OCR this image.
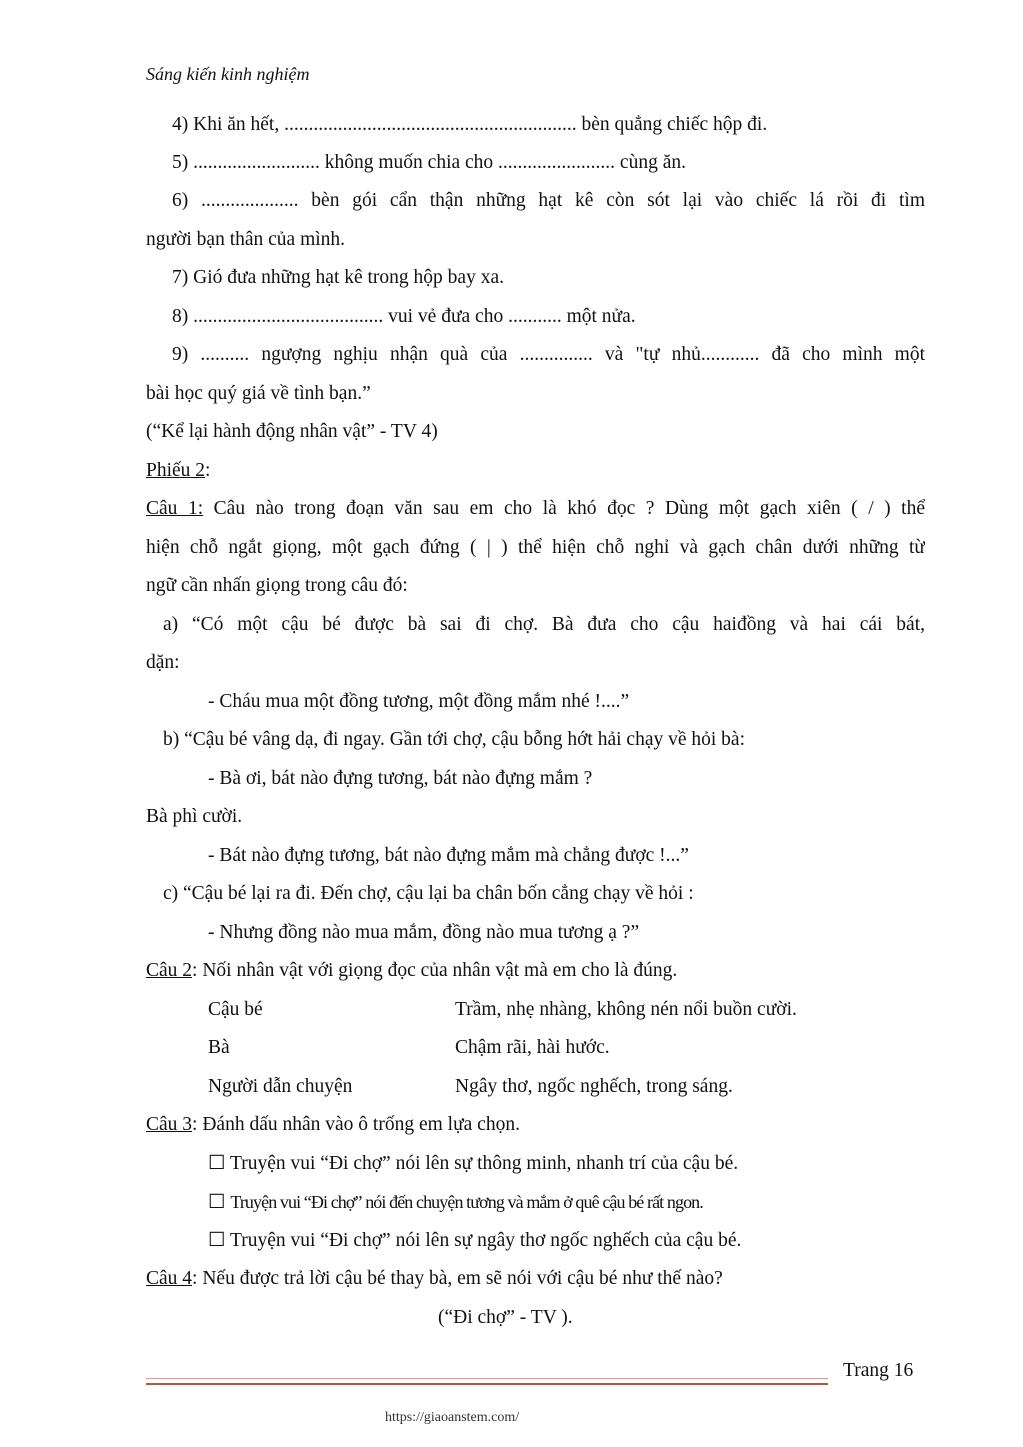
Sáng kiến kinh nghiệm
4) Khi ăn hết, ............................................................ bèn quẳng chiếc hộp đi.
5) .......................... không muốn chia cho ........................ cùng ăn.
6) .................... bèn gói cẩn thận những hạt kê còn sót lại vào chiếc lá rồi đi tìm
người bạn thân của mình.
7) Gió đưa những hạt kê trong hộp bay xa.
8) ....................................... vui vẻ đưa cho ........... một nửa.
9) .......... ngượng nghịu nhận quà của ............... và "tự nhủ............ đã cho mình một
bài học quý giá về tình bạn.”
(“Kể lại hành động nhân vật” - TV 4)
Phiếu 2:
Câu 1: Câu nào trong đoạn văn sau em cho là khó đọc ? Dùng một gạch xiên ( / ) thể
hiện chỗ ngắt giọng, một gạch đứng ( | ) thể hiện chỗ nghỉ và gạch chân dưới những từ
ngữ cần nhấn giọng trong câu đó:
a) “Có một cậu bé được bà sai đi chợ. Bà đưa cho cậu haiđồng và hai cái bát,
dặn:
- Cháu mua một đồng tương, một đồng mắm nhé !....”
b) “Cậu bé vâng dạ, đi ngay. Gần tới chợ, cậu bỗng hớt hải chạy về hỏi bà:
- Bà ơi, bát nào đựng tương, bát nào đựng mắm ?
Bà phì cười.
- Bát nào đựng tương, bát nào đựng mắm mà chẳng được !...”
c) “Cậu bé lại ra đi. Đến chợ, cậu lại ba chân bốn cẳng chạy về hỏi :
- Nhưng đồng nào mua mắm, đồng nào mua tương ạ ?”
Câu 2: Nối nhân vật với giọng đọc của nhân vật mà em cho là đúng.
Cậu bé	Trầm, nhẹ nhàng, không nén nổi buồn cười.
Bà	Chậm rãi, hài hước.
Người dẫn chuyện	Ngây thơ, ngốc nghếch, trong sáng.
Câu 3: Đánh dấu nhân vào ô trống em lựa chọn.
☐ Truyện vui “Đi chợ” nói lên sự thông minh, nhanh trí của cậu bé.
☐ Truyện vui “Đi chợ” nói đến chuyện tương và mắm ở quê cậu bé rất ngon.
☐ Truyện vui “Đi chợ” nói lên sự ngây thơ ngốc nghếch của cậu bé.
Câu 4: Nếu được trả lời cậu bé thay bà, em sẽ nói với cậu bé như thế nào?
(“Đi chợ” - TV ).
Trang 16
https://giaoanstem.com/
